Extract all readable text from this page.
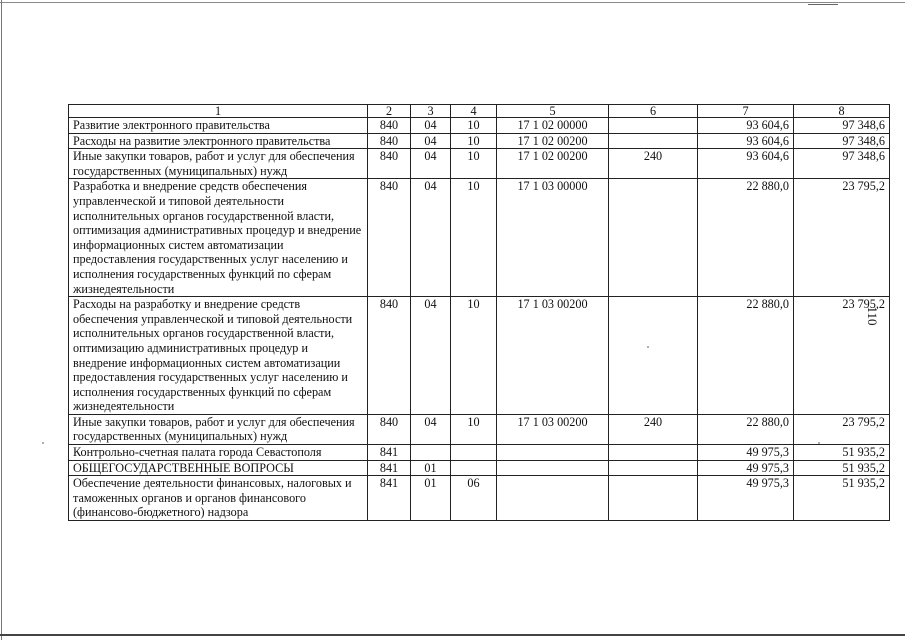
110
1	2	3	4	5	6	7	8
Развитие электронного правительства	840	04	10	17 1 02 00000		93 604,6	97 348,6
Расходы на развитие электронного правительства	840	04	10	17 1 02 00200		93 604,6	97 348,6
Иные закупки товаров, работ и услуг для обеспечения государственных (муниципальных) нужд	840	04	10	17 1 02 00200	240	93 604,6	97 348,6
Разработка и внедрение средств обеспечения управленческой и типовой деятельности исполнительных органов государственной власти, оптимизация административных процедур и внедрение информационных систем автоматизации предоставления государственных услуг населению и исполнения государственных функций по сферам жизнедеятельности	840	04	10	17 1 03 00000		22 880,0	23 795,2
Расходы на разработку и внедрение средств обеспечения управленческой и типовой деятельности исполнительных органов государственной власти, оптимизацию административных процедур и внедрение информационных систем автоматизации предоставления государственных услуг населению и исполнения государственных функций по сферам жизнедеятельности	840	04	10	17 1 03 00200		22 880,0	23 795,2
Иные закупки товаров, работ и услуг для обеспечения государственных (муниципальных) нужд	840	04	10	17 1 03 00200	240	22 880,0	23 795,2
Контрольно-счетная палата города Севастополя	841					49 975,3	51 935,2
ОБЩЕГОСУДАРСТВЕННЫЕ ВОПРОСЫ	841	01				49 975,3	51 935,2
Обеспечение деятельности финансовых, налоговых и таможенных органов и органов финансового (финансово-бюджетного) надзора	841	01	06			49 975,3	51 935,2
